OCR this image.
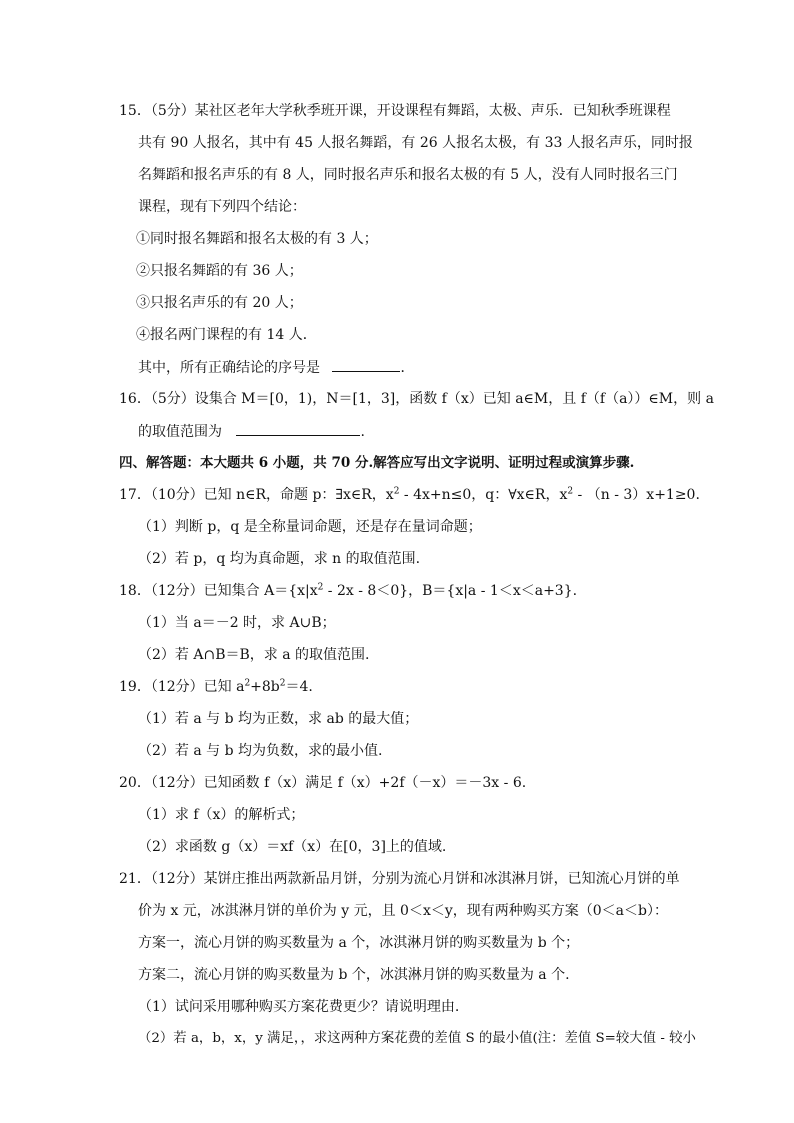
15．（5分）某社区老年大学秋季班开课，开设课程有舞蹈，太极、声乐．已知秋季班课程
共有 90 人报名，其中有 45 人报名舞蹈，有 26 人报名太极，有 33 人报名声乐，同时报
名舞蹈和报名声乐的有 8 人，同时报名声乐和报名太极的有 5 人，没有人同时报名三门
课程，现有下列四个结论：
①同时报名舞蹈和报名太极的有 3 人；
②只报名舞蹈的有 36 人；
③只报名声乐的有 20 人；
④报名两门课程的有 14 人．
其中，所有正确结论的序号是	．
16．（5分）设集合 M＝[0，1)，N＝[1，3]，函数 f（x）已知 a∈M，且 f（f（a））∈M，则 a
的取值范围为	.
四、解答题：本大题共 6 小题，共 70 分.解答应写出文字说明、证明过程或演算步骤.
17．（10分）已知 n∈R，命题 p：∃x∈R，$x^2 - 4x+n\le 0$，q：∀x∈R，$x^2 - (n - 3)x+1\ge 0$.
（1）判断 p，q 是全称量词命题，还是存在量词命题；
（2）若 p，q 均为真命题，求 n 的取值范围.
18．（12分）已知集合 $A=\{x|x^2 - 2x - 8<0\}$，B＝{x|a - 1＜x＜a+3}.
（1）当 a＝－2 时，求 A∪B；
（2）若 A∩B＝B，求 a 的取值范围.
19．（12分）已知 $a^2+8b^2=4$.
（1）若 a 与 b 均为正数，求 ab 的最大值；
（2）若 a 与 b 均为负数，求的最小值.
20．（12分）已知函数 f（x）满足 f（x）+2f（－x）＝－3x - 6.
（1）求 f（x）的解析式；
（2）求函数 g（x）＝xf（x）在[0，3]上的值域.
21．（12分）某饼庄推出两款新品月饼，分别为流心月饼和冰淇淋月饼，已知流心月饼的单
价为 x 元，冰淇淋月饼的单价为 y 元，且 0＜x＜y，现有两种购买方案（0＜a＜b）：
方案一，流心月饼的购买数量为 a 个，冰淇淋月饼的购买数量为 b 个；
方案二，流心月饼的购买数量为 b 个，冰淇淋月饼的购买数量为 a 个.
（1）试问采用哪种购买方案花费更少？请说明理由.
（2）若 a，b，x，y 满足，，求这两种方案花费的差值 S 的最小值(注：差值 S=较大值 - 较小
